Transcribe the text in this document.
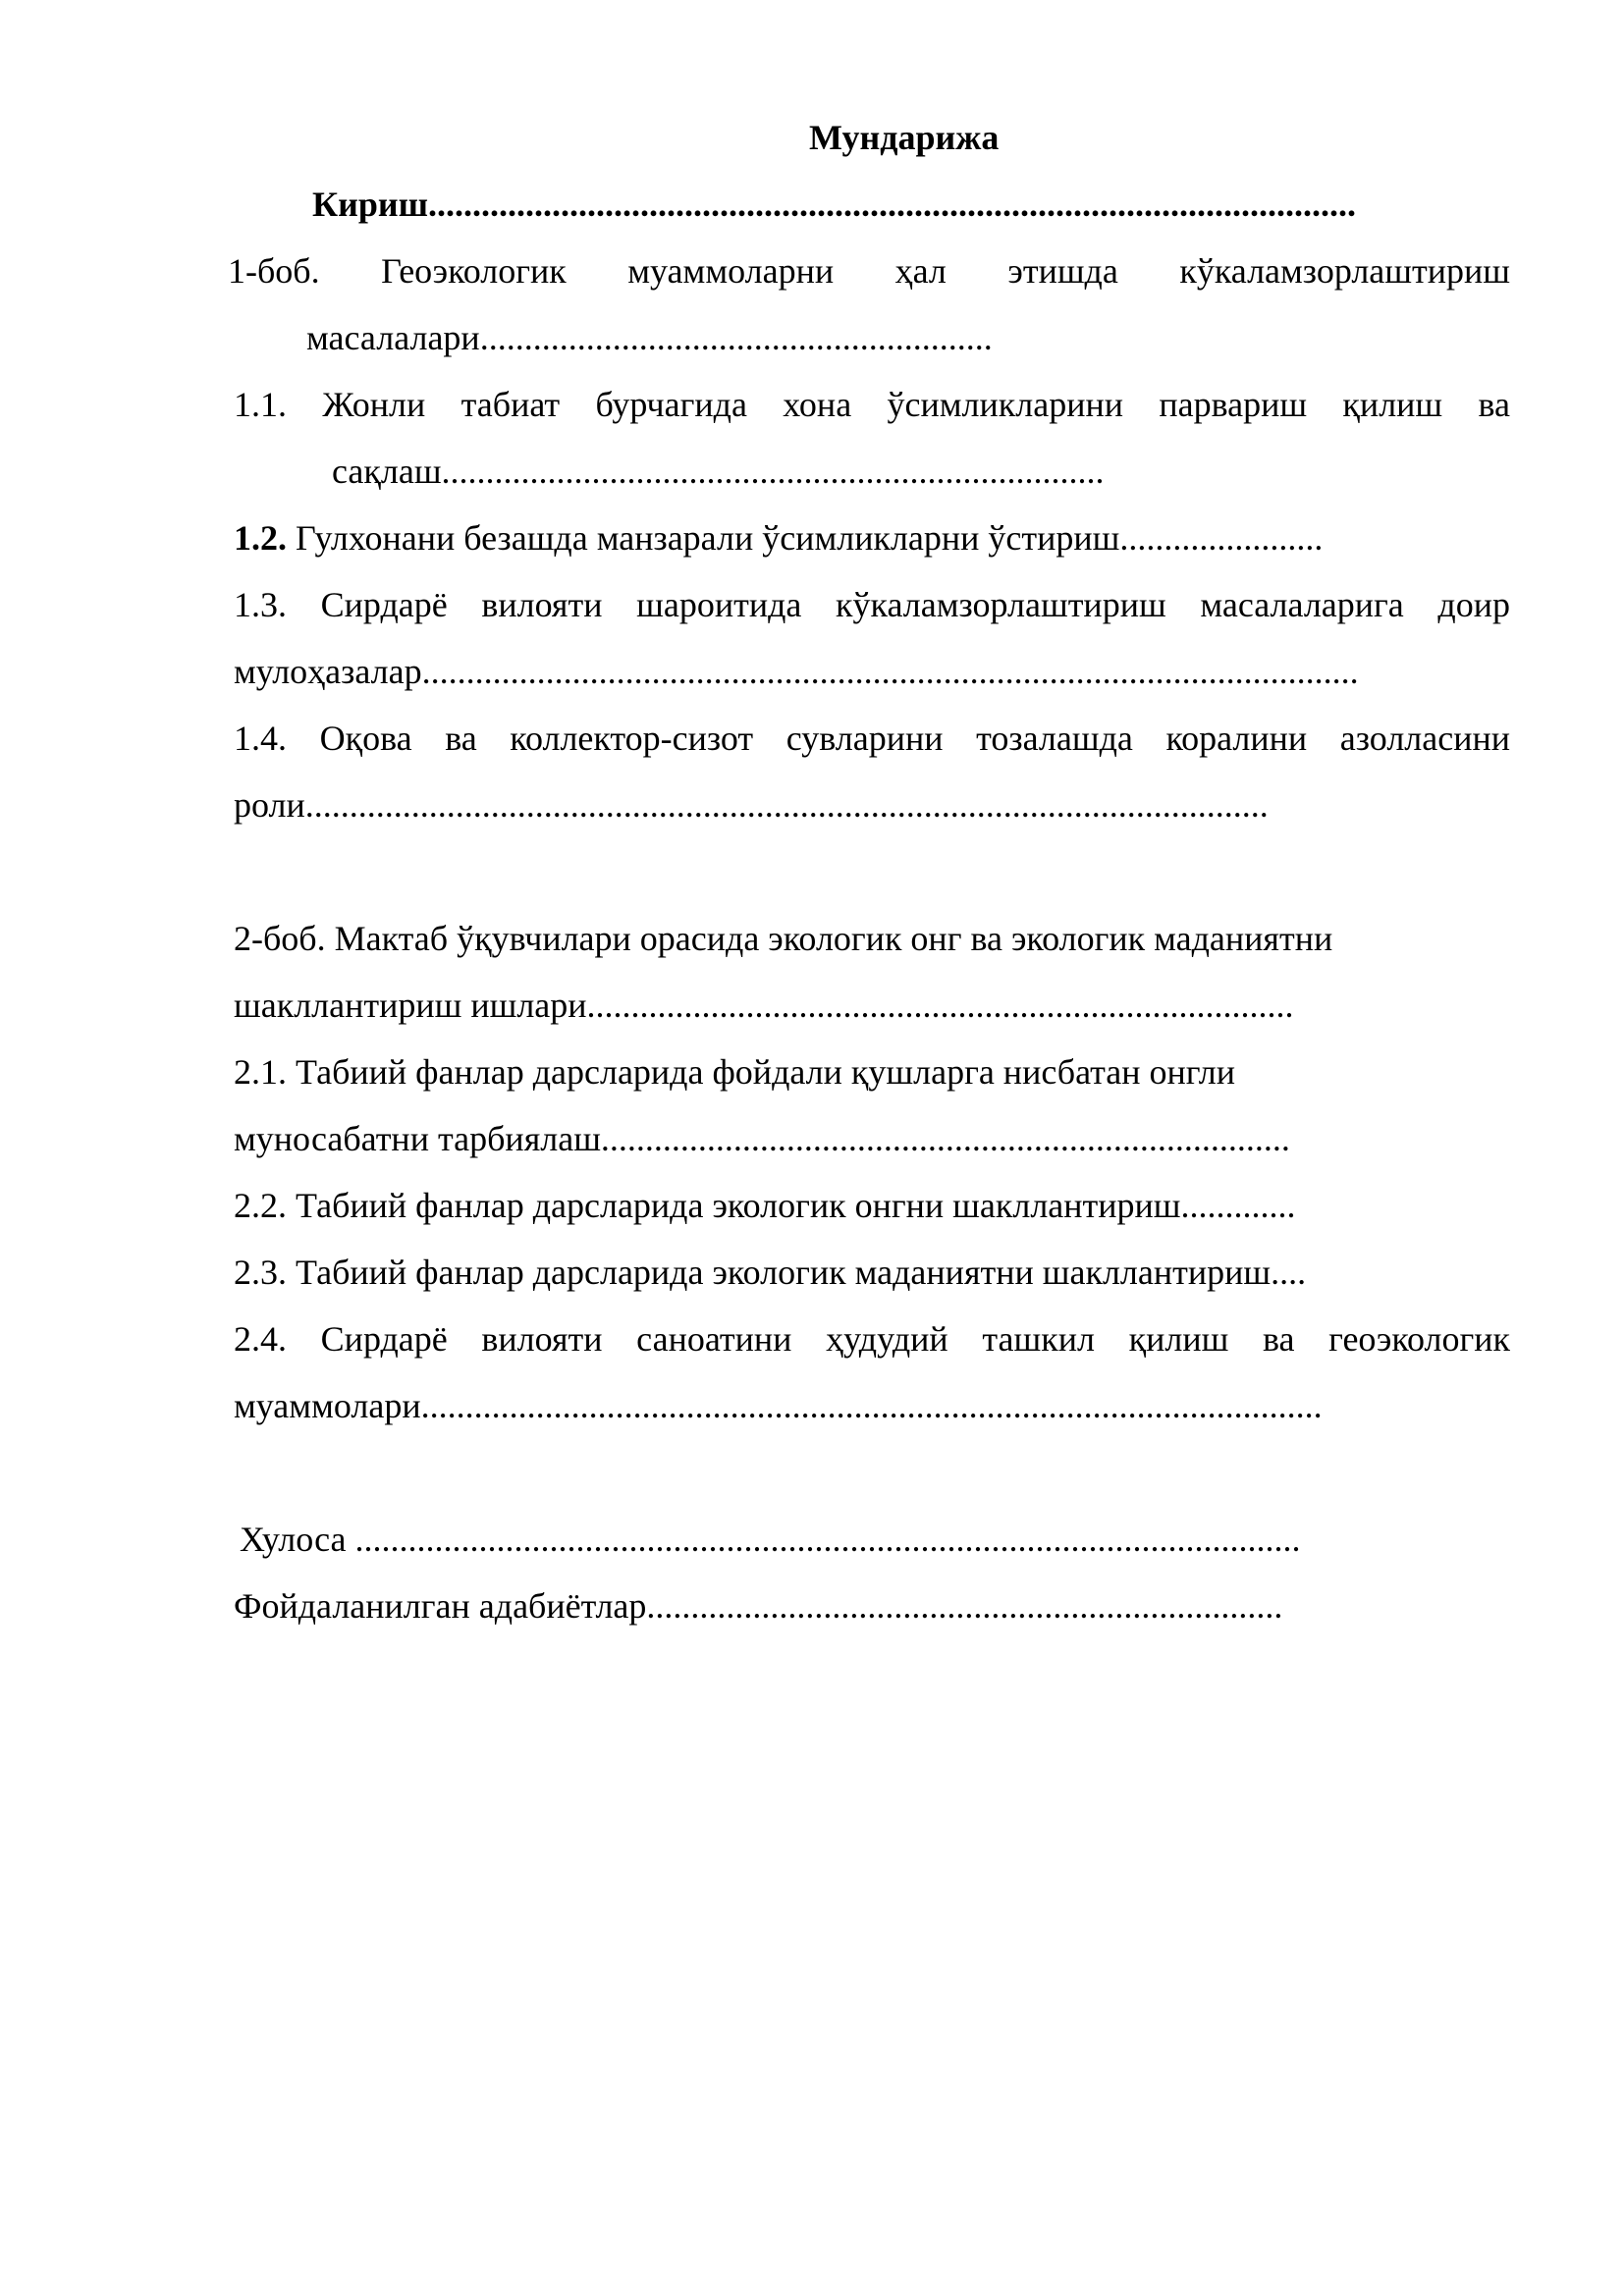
Мундарижа

Кириш.........................................................................................................

1-боб. Геоэкологик муаммоларни ҳал этишда кўкаламзорлаштириш

масалалари..........................................................

1.1. Жонли табиат бурчагида хона ўсимликларини парвариш қилиш ва

сақлаш...........................................................................

1.2. Гулхонани безашда манзарали ўсимликларни ўстириш.......................

1.3. Сирдарё вилояти шароитида кўкаламзорлаштириш масалаларига доир

мулоҳазалар..........................................................................................................

1.4. Оқова ва коллектор-сизот сувларини тозалашда коралини азолласини

роли.............................................................................................................

2-боб. Мактаб ўқувчилари орасида экологик онг ва экологик маданиятни

шакллантириш ишлари................................................................................

2.1. Табиий фанлар дарсларида фойдали қушларга нисбатан онгли

муносабатни тарбиялаш..............................................................................

2.2. Табиий фанлар дарсларида экологик онгни шакллантириш.............

2.3. Табиий фанлар дарсларида экологик маданиятни шакллантириш....

2.4. Сирдарё вилояти саноатини ҳудудий ташкил қилиш ва геоэкологик

муаммолари......................................................................................................

Хулоса ...........................................................................................................

Фойдаланилган адабиётлар........................................................................
